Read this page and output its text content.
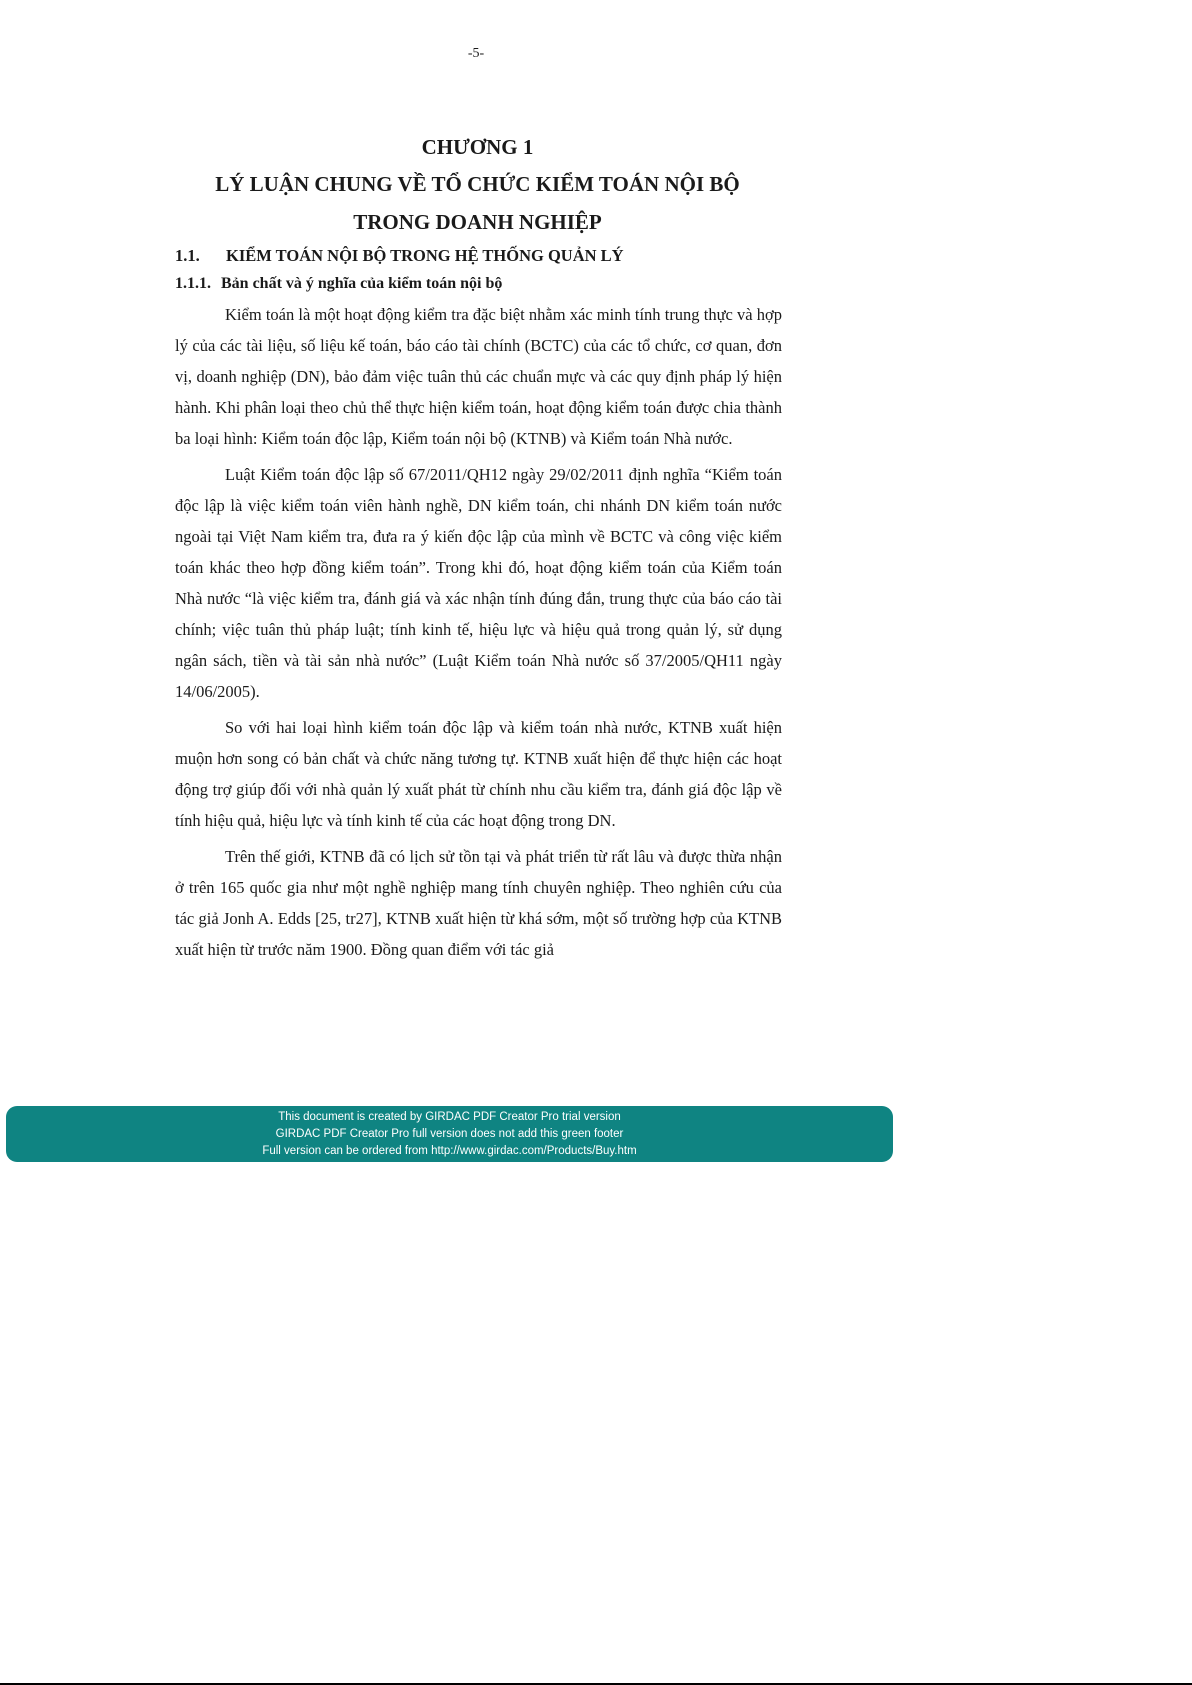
-5-
CHƯƠNG 1
LÝ LUẬN CHUNG VỀ TỔ CHỨC KIỂM TOÁN NỘI BỘ
TRONG DOANH NGHIỆP
1.1.	KIỂM TOÁN NỘI BỘ TRONG HỆ THỐNG QUẢN LÝ
1.1.1. Bản chất và ý nghĩa của kiểm toán nội bộ

Kiểm toán là một hoạt động kiểm tra đặc biệt nhằm xác minh tính trung thực và hợp lý của các tài liệu, số liệu kế toán, báo cáo tài chính (BCTC) của các tổ chức, cơ quan, đơn vị, doanh nghiệp (DN), bảo đảm việc tuân thủ các chuẩn mực và các quy định pháp lý hiện hành. Khi phân loại theo chủ thể thực hiện kiểm toán, hoạt động kiểm toán được chia thành ba loại hình: Kiểm toán độc lập, Kiểm toán nội bộ (KTNB) và Kiểm toán Nhà nước.

Luật Kiểm toán độc lập số 67/2011/QH12 ngày 29/02/2011 định nghĩa “Kiểm toán độc lập là việc kiểm toán viên hành nghề, DN kiểm toán, chi nhánh DN kiểm toán nước ngoài tại Việt Nam kiểm tra, đưa ra ý kiến độc lập của mình về BCTC và công việc kiểm toán khác theo hợp đồng kiểm toán”. Trong khi đó, hoạt động kiểm toán của Kiểm toán Nhà nước “là việc kiểm tra, đánh giá và xác nhận tính đúng đắn, trung thực của báo cáo tài chính; việc tuân thủ pháp luật; tính kinh tế, hiệu lực và hiệu quả trong quản lý, sử dụng ngân sách, tiền và tài sản nhà nước” (Luật Kiểm toán Nhà nước số 37/2005/QH11 ngày 14/06/2005).

So với hai loại hình kiểm toán độc lập và kiểm toán nhà nước, KTNB xuất hiện muộn hơn song có bản chất và chức năng tương tự. KTNB xuất hiện để thực hiện các hoạt động trợ giúp đối với nhà quản lý xuất phát từ chính nhu cầu kiểm tra, đánh giá độc lập về tính hiệu quả, hiệu lực và tính kinh tế của các hoạt động trong DN.

Trên thế giới, KTNB đã có lịch sử tồn tại và phát triển từ rất lâu và được thừa nhận ở trên 165 quốc gia như một nghề nghiệp mang tính chuyên nghiệp. Theo nghiên cứu của tác giả Jonh A. Edds [25, tr27], KTNB xuất hiện từ khá sớm, một số trường hợp của KTNB xuất hiện từ trước năm 1900. Đồng quan điểm với tác giả

This document is created by GIRDAC PDF Creator Pro trial version
GIRDAC PDF Creator Pro full version does not add this green footer
Full version can be ordered from http://www.girdac.com/Products/Buy.htm
